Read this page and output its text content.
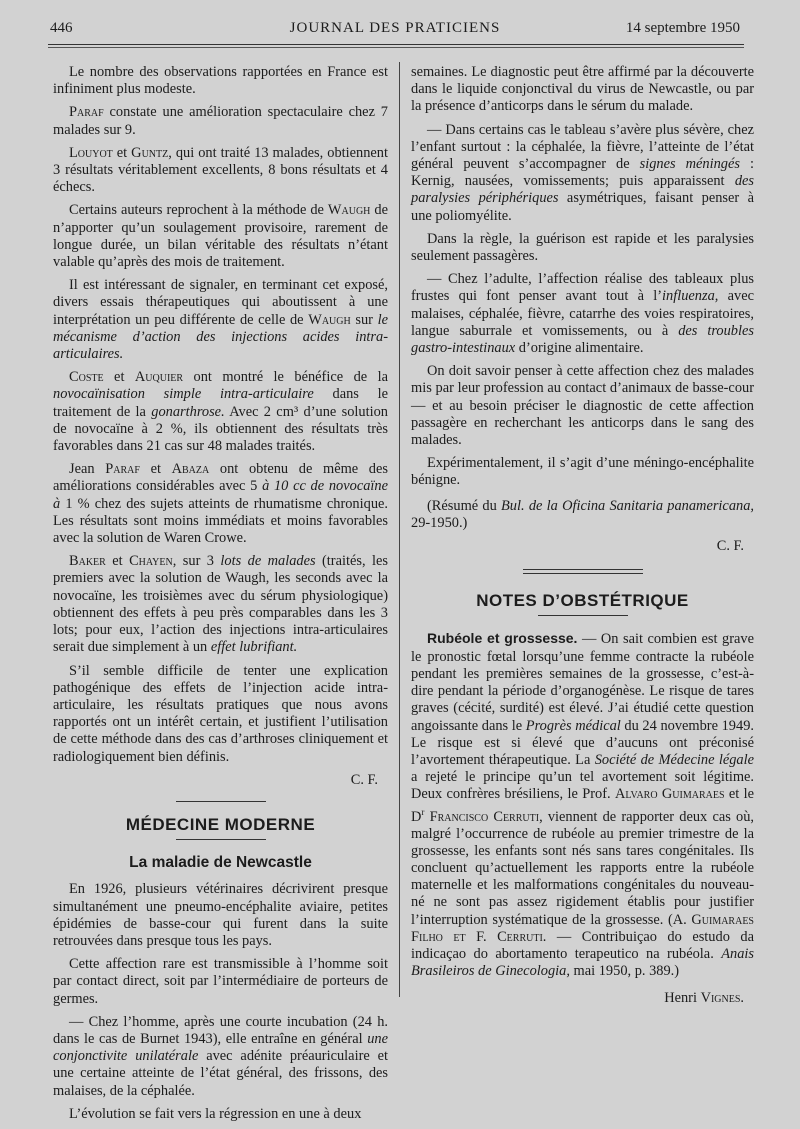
446	JOURNAL DES PRATICIENS	14 septembre 1950

Le nombre des observations rapportées en France est infiniment plus modeste.

Paraf constate une amélioration spectaculaire chez 7 malades sur 9.

Louyot et Guntz, qui ont traité 13 malades, obtiennent 3 résultats véritablement excellents, 8 bons résultats et 4 échecs.

Certains auteurs reprochent à la méthode de Waugh de n’apporter qu’un soulagement provisoire, rarement de longue durée, un bilan véritable des résultats n’étant valable qu’après des mois de traitement.

Il est intéressant de signaler, en terminant cet exposé, divers essais thérapeutiques qui aboutissent à une interprétation un peu différente de celle de Waugh sur le mécanisme d’action des injections acides intra-articulaires.

Coste et Auquier ont montré le bénéfice de la novocaïnisation simple intra-articulaire dans le traitement de la gonarthrose. Avec 2 cm³ d’une solution de novocaïne à 2 %, ils obtiennent des résultats très favorables dans 21 cas sur 48 malades traités.

Jean Paraf et Abaza ont obtenu de même des améliorations considérables avec 5 à 10 cc de novocaïne à 1 % chez des sujets atteints de rhumatisme chronique. Les résultats sont moins immédiats et moins favorables avec la solution de Waren Crowe.

Baker et Chayen, sur 3 lots de malades (traités, les premiers avec la solution de Waugh, les seconds avec la novocaïne, les troisièmes avec du sérum physiologique) obtiennent des effets à peu près comparables dans les 3 lots; pour eux, l’action des injections intra-articulaires serait due simplement à un effet lubrifiant.

S’il semble difficile de tenter une explication pathogénique des effets de l’injection acide intra-articulaire, les résultats pratiques que nous avons rapportés ont un intérêt certain, et justifient l’utilisation de cette méthode dans des cas d’arthroses cliniquement et radiologiquement bien définis.

C. F.

MÉDECINE MODERNE
La maladie de Newcastle

En 1926, plusieurs vétérinaires décrivirent presque simultanément une pneumo-encéphalite aviaire, petites épidémies de basse-cour qui furent dans la suite retrouvées dans presque tous les pays.

Cette affection rare est transmissible à l’homme soit par contact direct, soit par l’intermédiaire de porteurs de germes.

— Chez l’homme, après une courte incubation (24 h. dans le cas de Burnet 1943), elle entraîne en général une conjonctivite unilatérale avec adénite préauriculaire et une certaine atteinte de l’état général, des frissons, des malaises, de la céphalée.

L’évolution se fait vers la régression en une à deux

semaines. Le diagnostic peut être affirmé par la découverte dans le liquide conjonctival du virus de Newcastle, ou par la présence d’anticorps dans le sérum du malade.

— Dans certains cas le tableau s’avère plus sévère, chez l’enfant surtout : la céphalée, la fièvre, l’atteinte de l’état général peuvent s’accompagner de signes méningés : Kernig, nausées, vomissements; puis apparaissent des paralysies périphériques asymétriques, faisant penser à une poliomyélite.

Dans la règle, la guérison est rapide et les paralysies seulement passagères.

— Chez l’adulte, l’affection réalise des tableaux plus frustes qui font penser avant tout à l’influenza, avec malaises, céphalée, fièvre, catarrhe des voies respiratoires, langue saburrale et vomissements, ou à des troubles gastro-intestinaux d’origine alimentaire.

On doit savoir penser à cette affection chez des malades mis par leur profession au contact d’animaux de basse-cour — et au besoin préciser le diagnostic de cette affection passagère en recherchant les anticorps dans le sang des malades.

Expérimentalement, il s’agit d’une méningo-encéphalite bénigne.

(Résumé du Bul. de la Oficina Sanitaria panamericana, 29-1950.)

C. F.

NOTES D’OBSTÉTRIQUE

Rubéole et grossesse. — On sait combien est grave le pronostic fœtal lorsqu’une femme contracte la rubéole pendant les premières semaines de la grossesse, c’est-à-dire pendant la période d’organogénèse. Le risque de tares graves (cécité, surdité) est élevé. J’ai étudié cette question angoissante dans le Progrès médical du 24 novembre 1949. Le risque est si élevé que d’aucuns ont préconisé l’avortement thérapeutique. La Société de Médecine légale a rejeté le principe qu’un tel avortement soit légitime. Deux confrères brésiliens, le Prof. Alvaro Guimaraes et le $D^r$ Francisco Cerruti, viennent de rapporter deux cas où, malgré l’occurrence de rubéole au premier trimestre de la grossesse, les enfants sont nés sans tares congénitales. Ils concluent qu’actuellement les rapports entre la rubéole maternelle et les malformations congénitales du nouveau-né ne sont pas assez rigidement établis pour justifier l’interruption systématique de la grossesse. (A. Guimaraes Filho et F. Cerruti. — Contribuiçao do estudo da indicaçao do abortamento terapeutico na rubéola. Anais Brasileiros de Ginecologia, mai 1950, p. 389.)

Henri Vignes.
